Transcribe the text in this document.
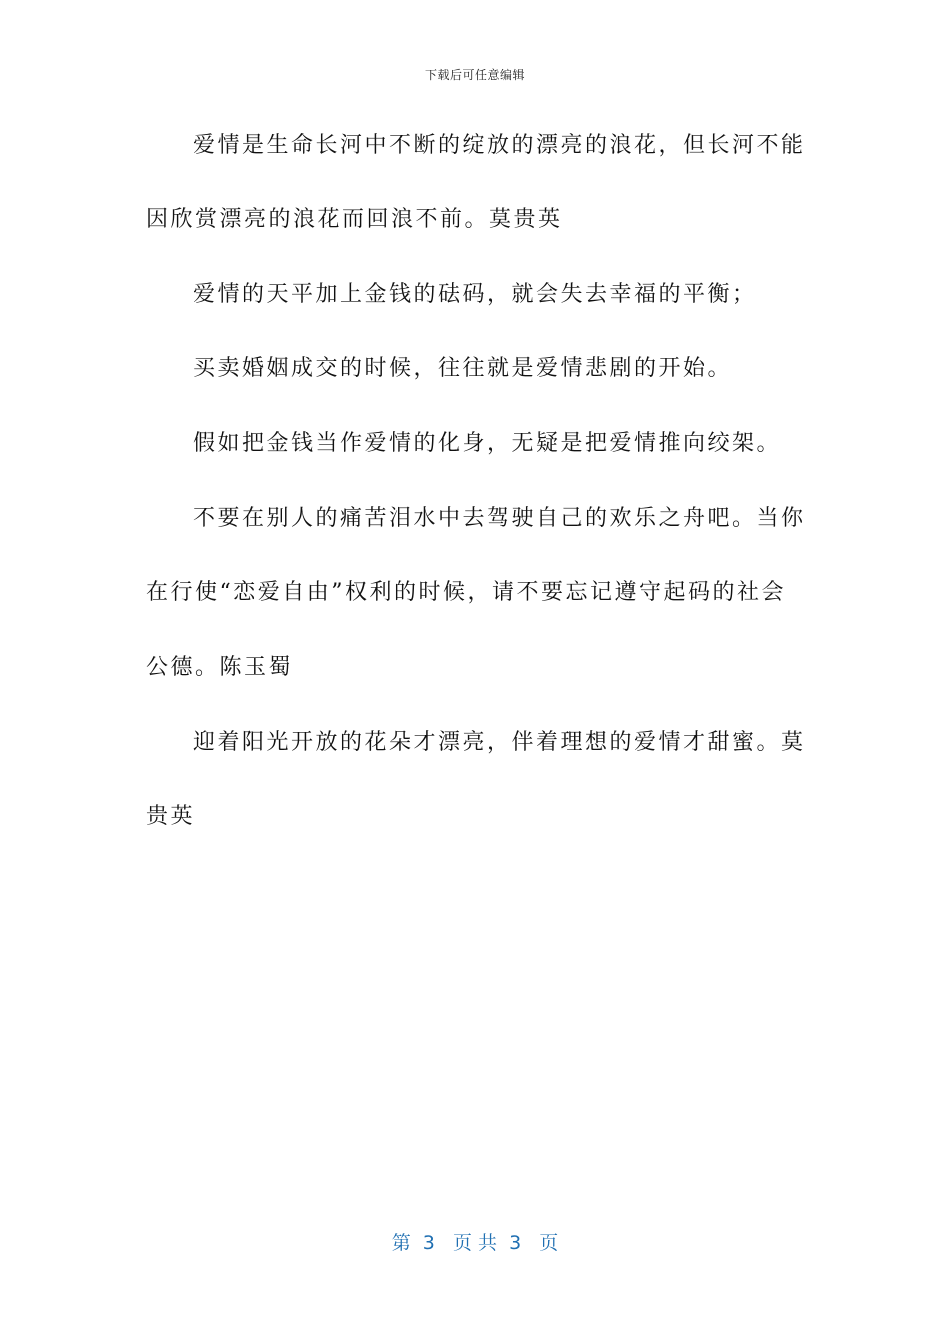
下载后可任意编辑
爱情是生命长河中不断的绽放的漂亮的浪花，但长河不能
因欣赏漂亮的浪花而回浪不前。莫贵英
爱情的天平加上金钱的砝码，就会失去幸福的平衡；
买卖婚姻成交的时候，往往就是爱情悲剧的开始。
假如把金钱当作爱情的化身，无疑是把爱情推向绞架。
不要在别人的痛苦泪水中去驾驶自己的欢乐之舟吧。当你
在行使“恋爱自由”权利的时候，请不要忘记遵守起码的社会
公德。陈玉蜀
迎着阳光开放的花朵才漂亮，伴着理想的爱情才甜蜜。莫
贵英
第  3   页 共  3   页
